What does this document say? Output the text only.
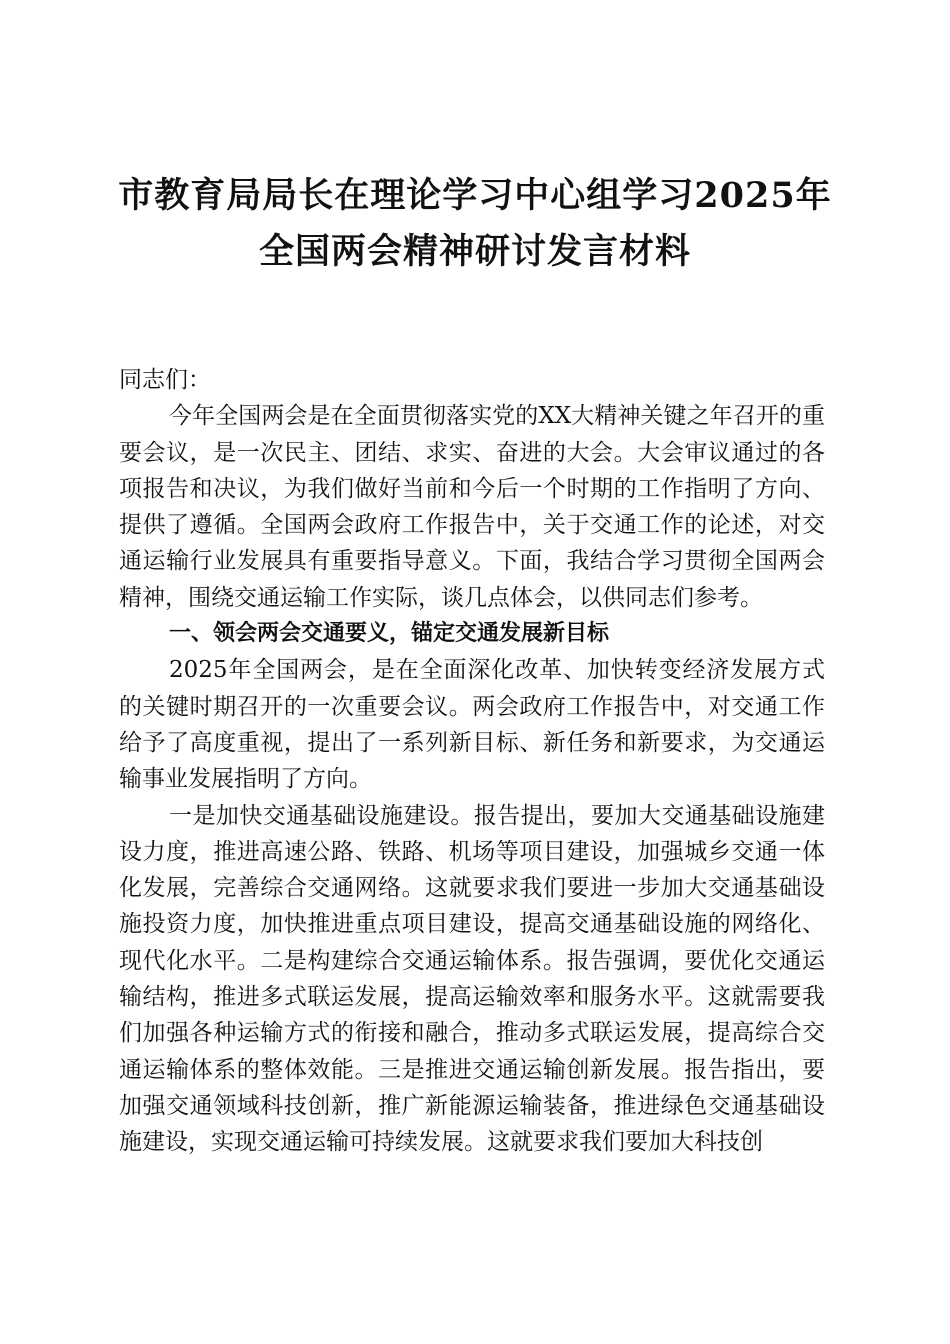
市教育局局长在理论学习中心组学习2025年
全国两会精神研讨发言材料

同志们：

今年全国两会是在全面贯彻落实党的XX大精神关键之年召开的重要会议，是一次民主、团结、求实、奋进的大会。大会审议通过的各项报告和决议，为我们做好当前和今后一个时期的工作指明了方向、提供了遵循。全国两会政府工作报告中，关于交通工作的论述，对交通运输行业发展具有重要指导意义。下面，我结合学习贯彻全国两会精神，围绕交通运输工作实际，谈几点体会，以供同志们参考。

一、领会两会交通要义，锚定交通发展新目标

2025年全国两会，是在全面深化改革、加快转变经济发展方式的关键时期召开的一次重要会议。两会政府工作报告中，对交通工作给予了高度重视，提出了一系列新目标、新任务和新要求，为交通运输事业发展指明了方向。

一是加快交通基础设施建设。报告提出，要加大交通基础设施建设力度，推进高速公路、铁路、机场等项目建设，加强城乡交通一体化发展，完善综合交通网络。这就要求我们要进一步加大交通基础设施投资力度，加快推进重点项目建设，提高交通基础设施的网络化、现代化水平。二是构建综合交通运输体系。报告强调，要优化交通运输结构，推进多式联运发展，提高运输效率和服务水平。这就需要我们加强各种运输方式的衔接和融合，推动多式联运发展，提高综合交通运输体系的整体效能。三是推进交通运输创新发展。报告指出，要加强交通领域科技创新，推广新能源运输装备，推进绿色交通基础设施建设，实现交通运输可持续发展。这就要求我们要加大科技创
